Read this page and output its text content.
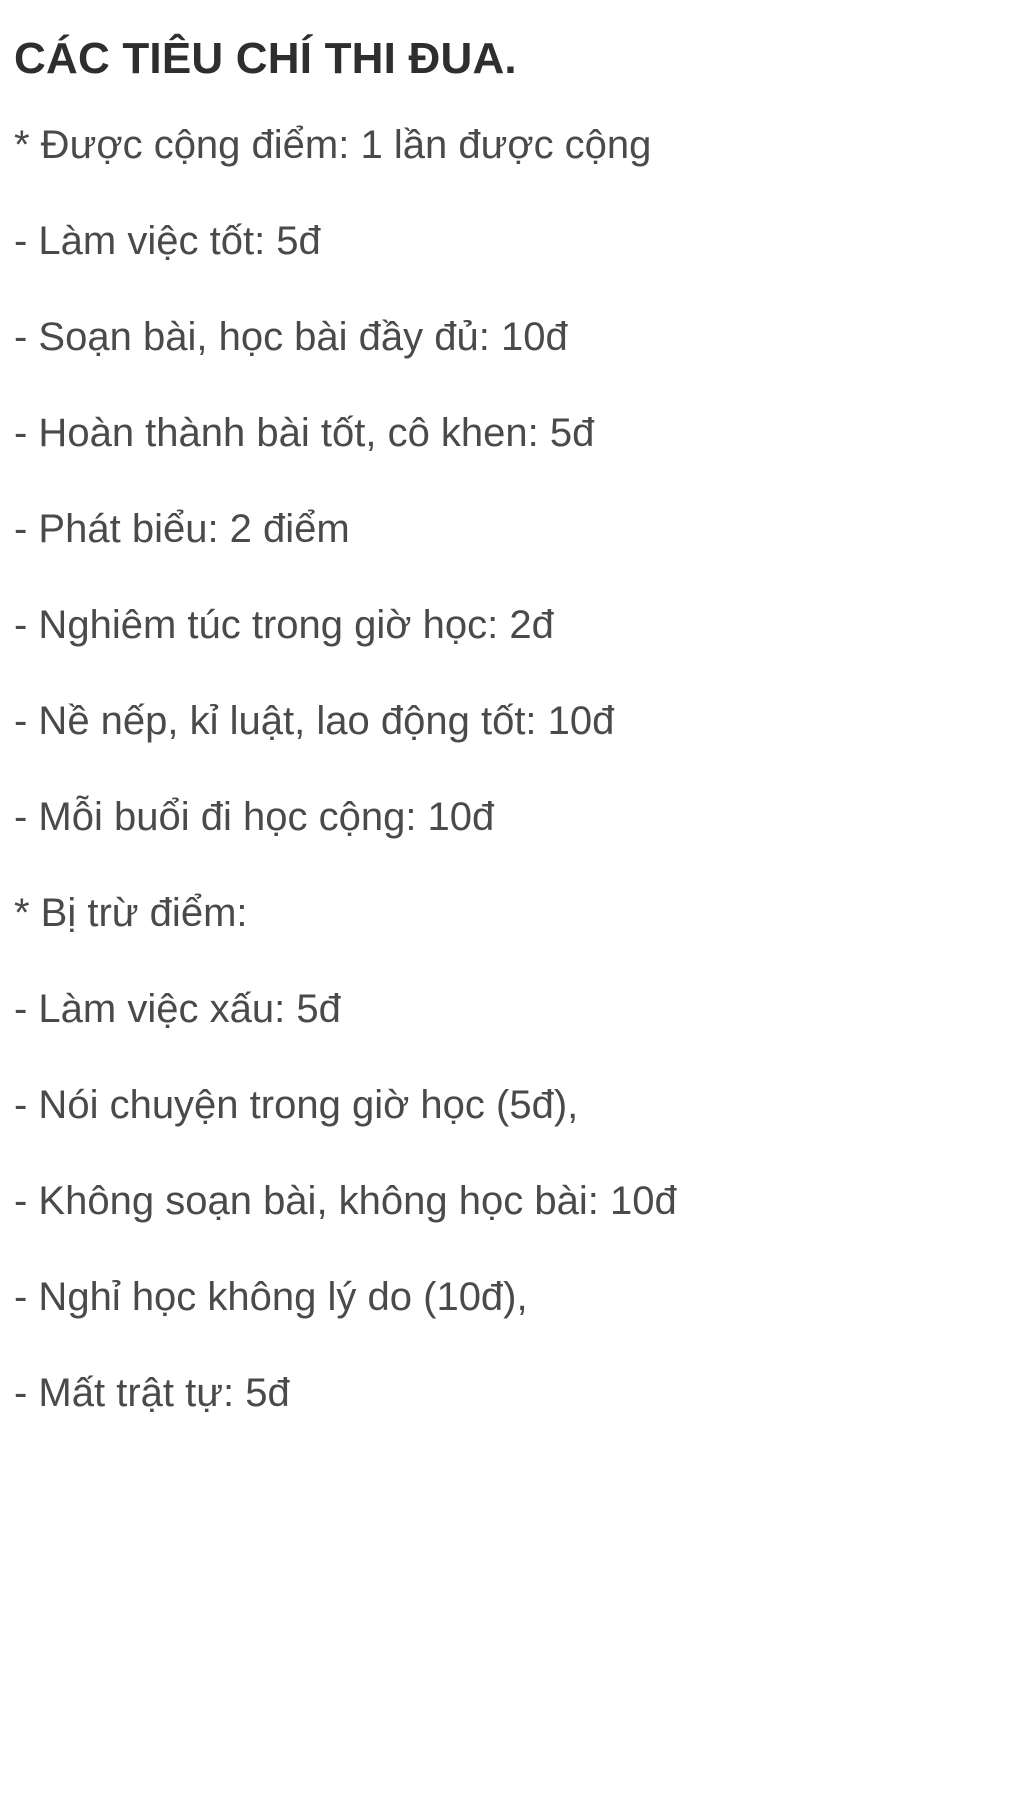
CÁC TIÊU CHÍ THI ĐUA.

* Được cộng điểm: 1 lần được cộng

- Làm việc tốt: 5đ

- Soạn bài, học bài đầy đủ: 10đ

- Hoàn thành bài tốt, cô khen: 5đ

- Phát biểu: 2 điểm

- Nghiêm túc trong giờ học: 2đ

- Nề nếp, kỉ luật, lao động tốt: 10đ

- Mỗi buổi đi học cộng: 10đ

* Bị trừ điểm:

- Làm việc xấu: 5đ

- Nói chuyện trong giờ học (5đ),

- Không soạn bài, không học bài: 10đ

- Nghỉ học không lý do (10đ),

- Mất trật tự: 5đ
